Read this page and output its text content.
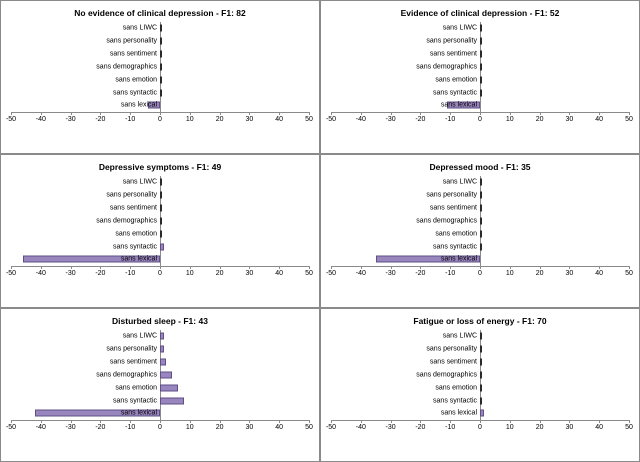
No evidence of clinical depression - F1: 82
sans LIWC
sans personality
sans sentiment
sans demographics
sans emotion
sans syntactic
sans lexical
-50	-40	-30	-20	-10	0	10	20	30	40	50
Evidence of clinical depression - F1: 52
sans LIWC
sans personality
sans sentiment
sans demographics
sans emotion
sans syntactic
sans lexical
-50	-40	-30	-20	-10	0	10	20	30	40	50
Depressive symptoms - F1: 49
sans LIWC
sans personality
sans sentiment
sans demographics
sans emotion
sans syntactic
sans lexical
-50	-40	-30	-20	-10	0	10	20	30	40	50
Depressed mood - F1: 35
sans LIWC
sans personality
sans sentiment
sans demographics
sans emotion
sans syntactic
sans lexical
-50	-40	-30	-20	-10	0	10	20	30	40	50
Disturbed sleep - F1: 43
sans LIWC
sans personality
sans sentiment
sans demographics
sans emotion
sans syntactic
sans lexical
-50	-40	-30	-20	-10	0	10	20	30	40	50
Fatigue or loss of energy - F1: 70
sans LIWC
sans personality
sans sentiment
sans demographics
sans emotion
sans syntactic
sans lexical
-50	-40	-30	-20	-10	0	10	20	30	40	50
